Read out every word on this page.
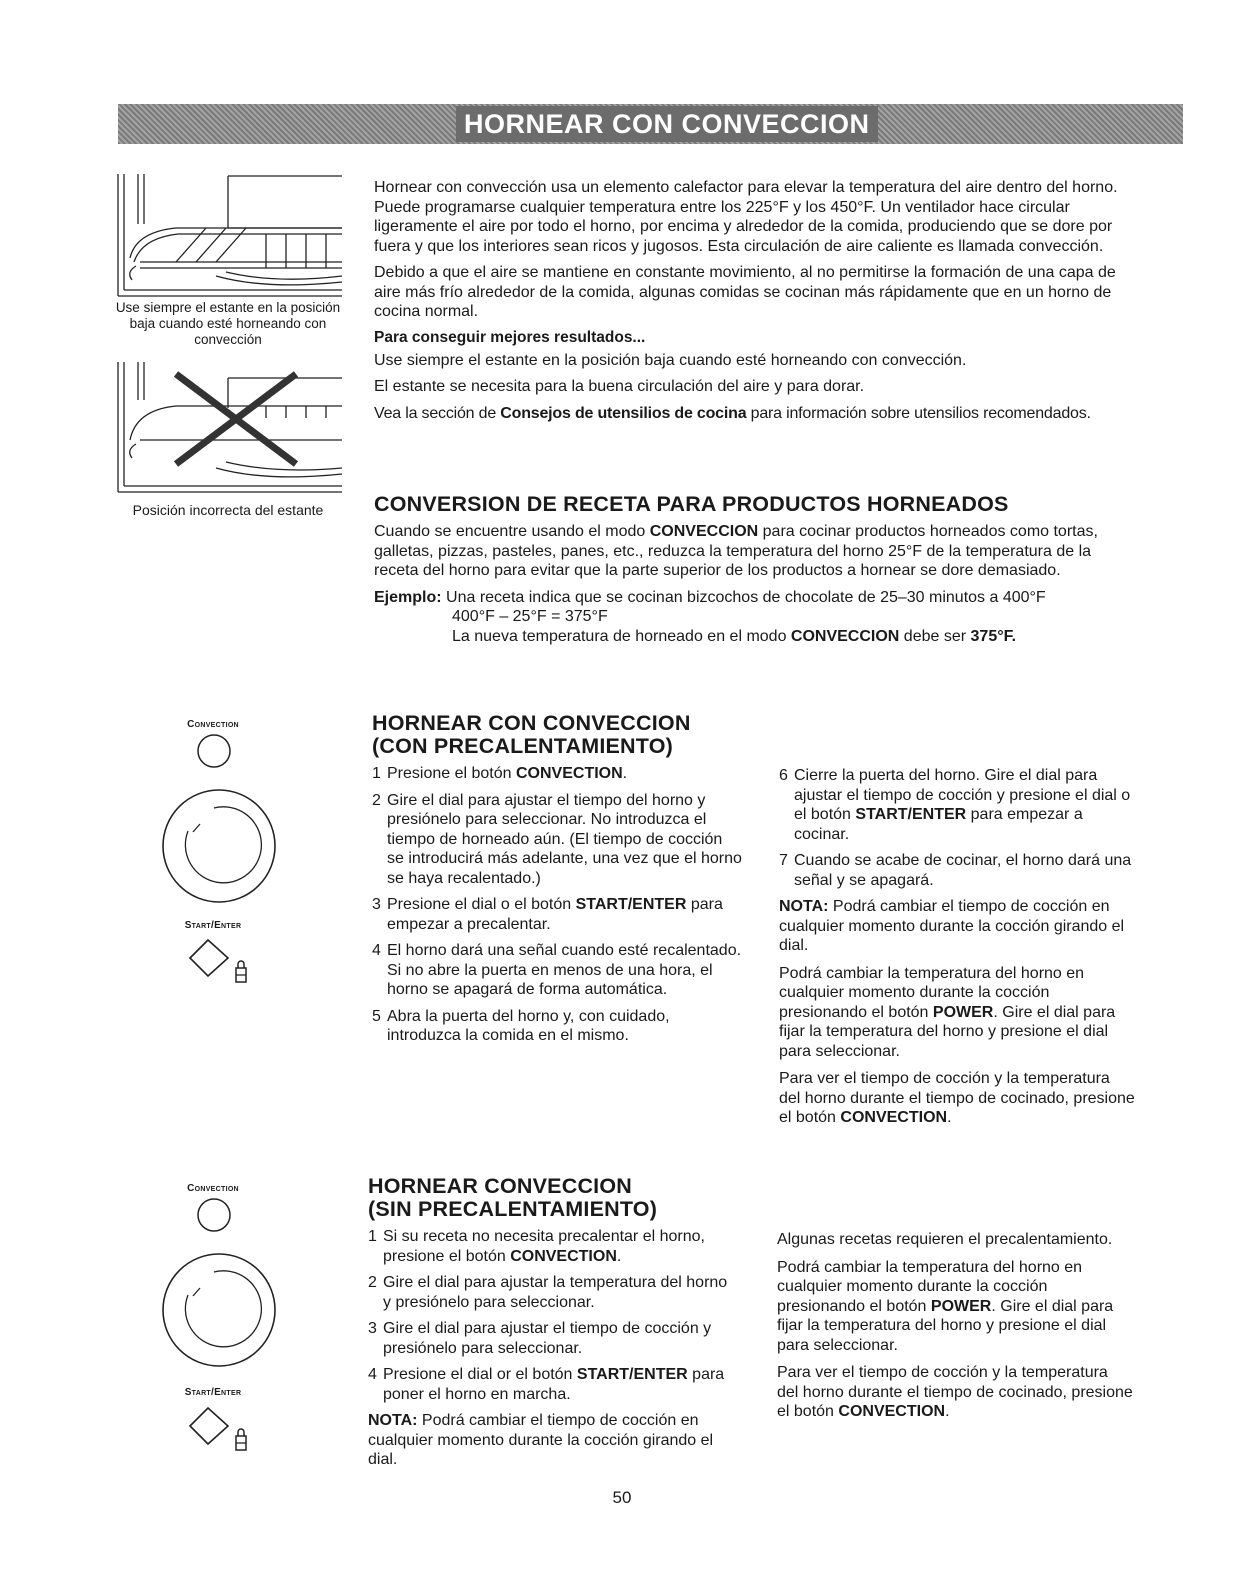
HORNEAR CON CONVECCION
Use siempre el estante en la posición baja cuando esté horneando con convección
Posición incorrecta del estante

Hornear con convección usa un elemento calefactor para elevar la temperatura del aire dentro del horno. Puede programarse cualquier temperatura entre los 225°F y los 450°F. Un ventilador hace circular ligeramente el aire por todo el horno, por encima y alrededor de la comida, produciendo que se dore por fuera y que los interiores sean ricos y jugosos. Esta circulación de aire caliente es llamada convección.

Debido a que el aire se mantiene en constante movimiento, al no permitirse la formación de una capa de aire más frío alrededor de la comida, algunas comidas se cocinan más rápidamente que en un horno de cocina normal.

Para conseguir mejores resultados...

Use siempre el estante en la posición baja cuando esté horneando con convección.

El estante se necesita para la buena circulación del aire y para dorar.

Vea la sección de Consejos de utensilios de cocina para información sobre utensilios recomendados.

CONVERSION DE RECETA PARA PRODUCTOS HORNEADOS

Cuando se encuentre usando el modo CONVECCION para cocinar productos horneados como tortas, galletas, pizzas, pasteles, panes, etc., reduzca la temperatura del horno 25°F de la temperatura de la receta del horno para evitar que la parte superior de los productos a hornear se dore demasiado.

Ejemplo: Una receta indica que se cocinan bizcochos de chocolate de 25–30 minutos a 400°F
400°F – 25°F = 375°F
La nueva temperatura de horneado en el modo CONVECCION debe ser 375°F.
Convection
Start/Enter

HORNEAR CON CONVECCION

(CON PRECALENTAMIENTO)

1 Presione el botón CONVECTION.
2 Gire el dial para ajustar el tiempo del horno y presiónelo para seleccionar. No introduzca el tiempo de horneado aún. (El tiempo de cocción se introducirá más adelante, una vez que el horno se haya recalentado.)
3 Presione el dial o el botón START/ENTER para empezar a precalentar.
4 El horno dará una señal cuando esté recalentado. Si no abre la puerta en menos de una hora, el horno se apagará de forma automática.
5 Abra la puerta del horno y, con cuidado, introduzca la comida en el mismo.
6 Cierre la puerta del horno. Gire el dial para ajustar el tiempo de cocción y presione el dial o el botón START/ENTER para empezar a cocinar.
7 Cuando se acabe de cocinar, el horno dará una señal y se apagará.

NOTA: Podrá cambiar el tiempo de cocción en cualquier momento durante la cocción girando el dial.

Podrá cambiar la temperatura del horno en cualquier momento durante la cocción presionando el botón POWER. Gire el dial para fijar la temperatura del horno y presione el dial para seleccionar.

Para ver el tiempo de cocción y la temperatura del horno durante el tiempo de cocinado, presione el botón CONVECTION.

Convection
Start/Enter

HORNEAR CONVECCION

(SIN PRECALENTAMIENTO)

1 Si su receta no necesita precalentar el horno, presione el botón CONVECTION.
2 Gire el dial para ajustar la temperatura del horno y presiónelo para seleccionar.
3 Gire el dial para ajustar el tiempo de cocción y presiónelo para seleccionar.
4 Presione el dial or el botón START/ENTER para poner el horno en marcha.

NOTA: Podrá cambiar el tiempo de cocción en cualquier momento durante la cocción girando el dial.

Algunas recetas requieren el precalentamiento.

Podrá cambiar la temperatura del horno en cualquier momento durante la cocción presionando el botón POWER. Gire el dial para fijar la temperatura del horno y presione el dial para seleccionar.

Para ver el tiempo de cocción y la temperatura del horno durante el tiempo de cocinado, presione el botón CONVECTION.

50
